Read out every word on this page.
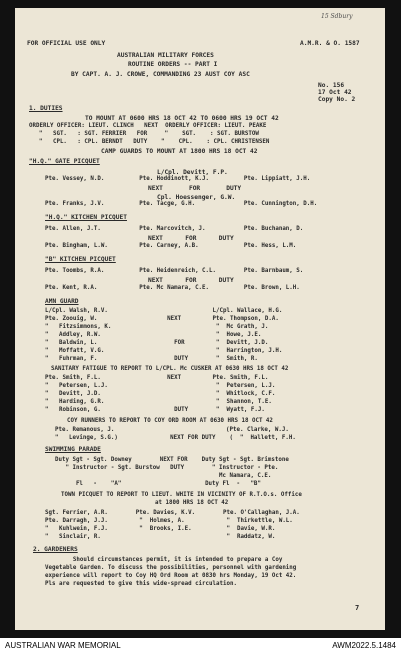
15 Sdbury
FOR OFFICIAL USE ONLY	A.M.R. & O. 1587
AUSTRALIAN MILITARY FORCES
ROUTINE ORDERS -- PART I
BY CAPT. A. J. CROWE, COMMANDING 23 AUST COY ASC
No. 156
17 Oct 42
Copy No. 2
1. DUTIES
TO MOUNT AT 0600 HRS 18 OCT 42 TO 0600 HRS 19 OCT 42
ORDERLY OFFICER: LIEUT. CLINCH   NEXT  ORDERLY OFFICER: LIEUT. PEAKE
"   SGT.   : SGT. FERRIER   FOR     "    SGT.    : SGT. BURSTOW
"   CPL.   : CPL. BERNDT   DUTY    "    CPL.    : CPL. CHRISTENSEN
CAMP GUARDS TO MOUNT AT 1800 HRS 18 OCT 42
"H.Q." GATE PICQUET
L/Cpl. Devitt, F.P.
Pte. Vessey, N.D.          Pte. Hoddinott, K.J.          Pte. Lippiatt, J.H.
NEXT       FOR       DUTY
Cpl. Hoessenger, G.W.
Pte. Franks, J.V.          Pte. Tacge, G.H.              Pte. Cunnington, D.H.
"H.Q." KITCHEN PICQUET
Pte. Allen, J.T.           Pte. Marcovitch, J.           Pte. Buchanan, D.
NEXT      FOR      DUTY
Pte. Bingham, L.W.         Pte. Carney, A.B.             Pte. Hess, L.M.
"B" KITCHEN PICQUET
Pte. Toombs, R.A.          Pte. Heidenreich, C.L.        Pte. Barnbaum, S.
NEXT      FOR      DUTY
Pte. Kent, R.A.            Pte. Mc Namara, C.E.          Pte. Brown, L.H.
AMN GUARD
L/Cpl. Walsh, R.V.                              L/Cpl. Wallace, H.G.
Pte. Zoouig, W.                    NEXT         Pte. Thompson, D.A.
"   Fitzsimmons, K.                              "  Mc Grath, J.
"   Addley, R.W.                                 "  Howe, J.E.
"   Baldwin, L.                      FOR         "  Devitt, J.D.
"   Moffatt, V.G.                                "  Harrington, J.H.
"   Fuhrman, F.                      DUTY        "  Smith, R.
SANITARY FATIGUE TO REPORT TO L/CPL. Mc CUSKER AT 0630 HRS 18 OCT 42
Pte. Smith, F.L.                   NEXT         Pte. Smith, F.L.
"   Petersen, L.J.                               "  Petersen, L.J.
"   Devitt, J.D.                                 "  Whitlock, C.F.
"   Harding, G.R.                                "  Shannon, T.E.
"   Robinson, G.                     DUTY        "  Wyatt, F.J.
COY RUNNERS TO REPORT TO COY ORD ROOM AT 0630 HRS 18 OCT 42
Pte. Remanous, J.                                (Pte. Clarke, W.J.
"   Levinge, S.G.)               NEXT FOR DUTY    (  "  Hallett, F.H.
SWIMMING PARADE
Duty Sgt - Sgt. Downey        NEXT FOR    Duty Sgt - Sgt. Brimstone
" Instructor - Sgt. Burstow   DUTY        " Instructor - Pte.
Mc Namara, C.E.
Fl   -    "A"                        Duty Fl  -   "B"
TOWN PICQUET TO REPORT TO LIEUT. WHITE IN VICINITY OF R.T.O.s. Office
at 1800 HRS 18 OCT 42
Sgt. Ferrier, A.R.        Pte. Davies, K.V.        Pte. O'Callaghan, J.A.
Pte. Darragh, J.J.         "  Holmes, A.            "  Thirkettle, W.L.
"   Kuhlwein, F.J.         "  Brooks, I.E.          "  Davie, W.R.
"   Sinclair, R.                                    "  Raddatz, W.
2. GARDENERS
Should circumstances permit, it is intended to prepare a Coy
Vegetable Garden. To discuss the possibilities, personnel with gardening
experience will report to Coy HQ Ord Room at 0830 hrs Monday, 19 Oct 42.
Pls are requested to give this wide-spread circulation.
7
AUSTRALIAN WAR MEMORIAL	AWM2022.5.1484
